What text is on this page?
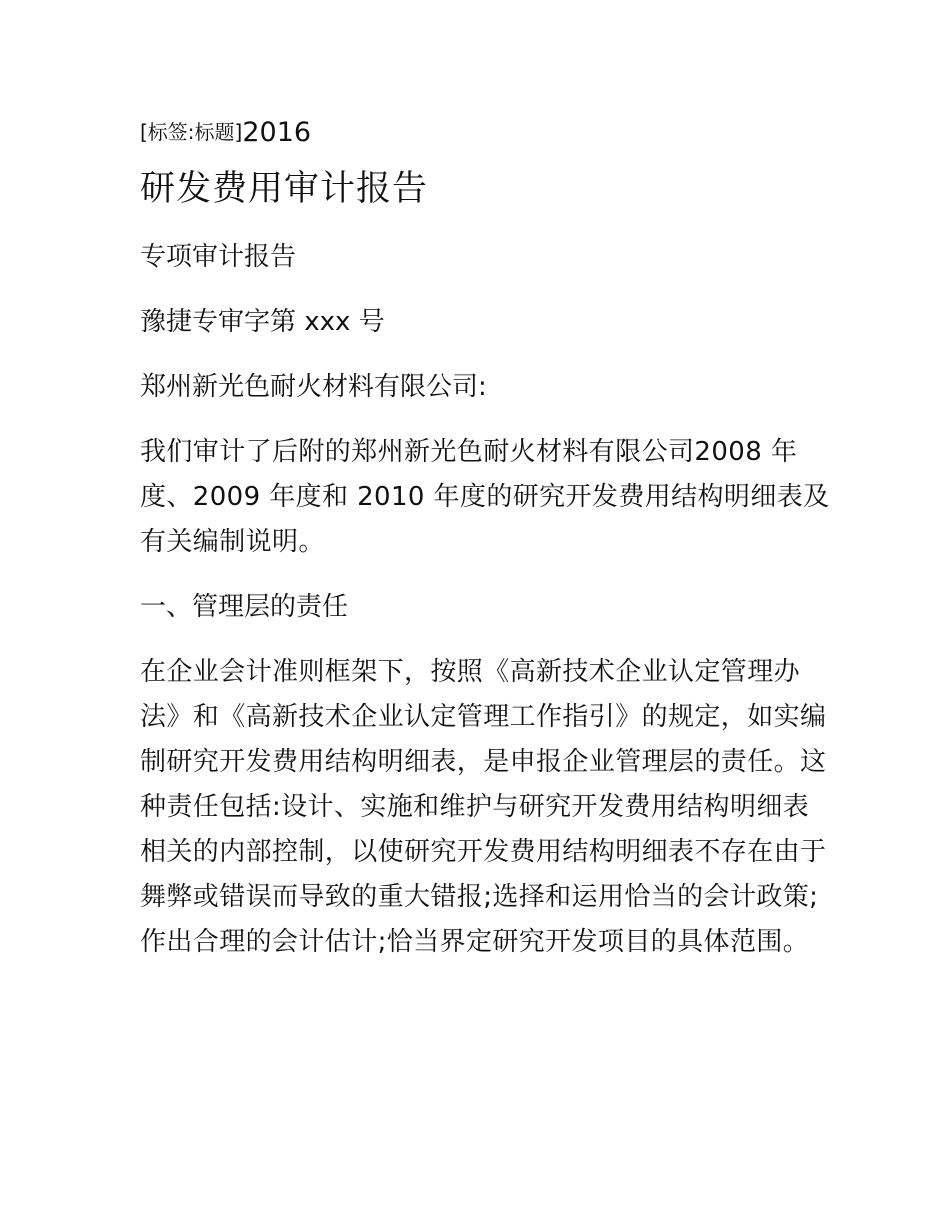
[标签:标题]2016
研发费用审计报告
专项审计报告
豫捷专审字第 xxx 号
郑州新光色耐火材料有限公司:
我们审计了后附的郑州新光色耐火材料有限公司2008 年度、2009 年度和 2010 年度的研究开发费用结构明细表及有关编制说明。
一、管理层的责任
在企业会计准则框架下，按照《高新技术企业认定管理办法》和《高新技术企业认定管理工作指引》的规定，如实编制研究开发费用结构明细表，是申报企业管理层的责任。这种责任包括:设计、实施和维护与研究开发费用结构明细表相关的内部控制，以使研究开发费用结构明细表不存在由于舞弊或错误而导致的重大错报;选择和运用恰当的会计政策;作出合理的会计估计;恰当界定研究开发项目的具体范围。
